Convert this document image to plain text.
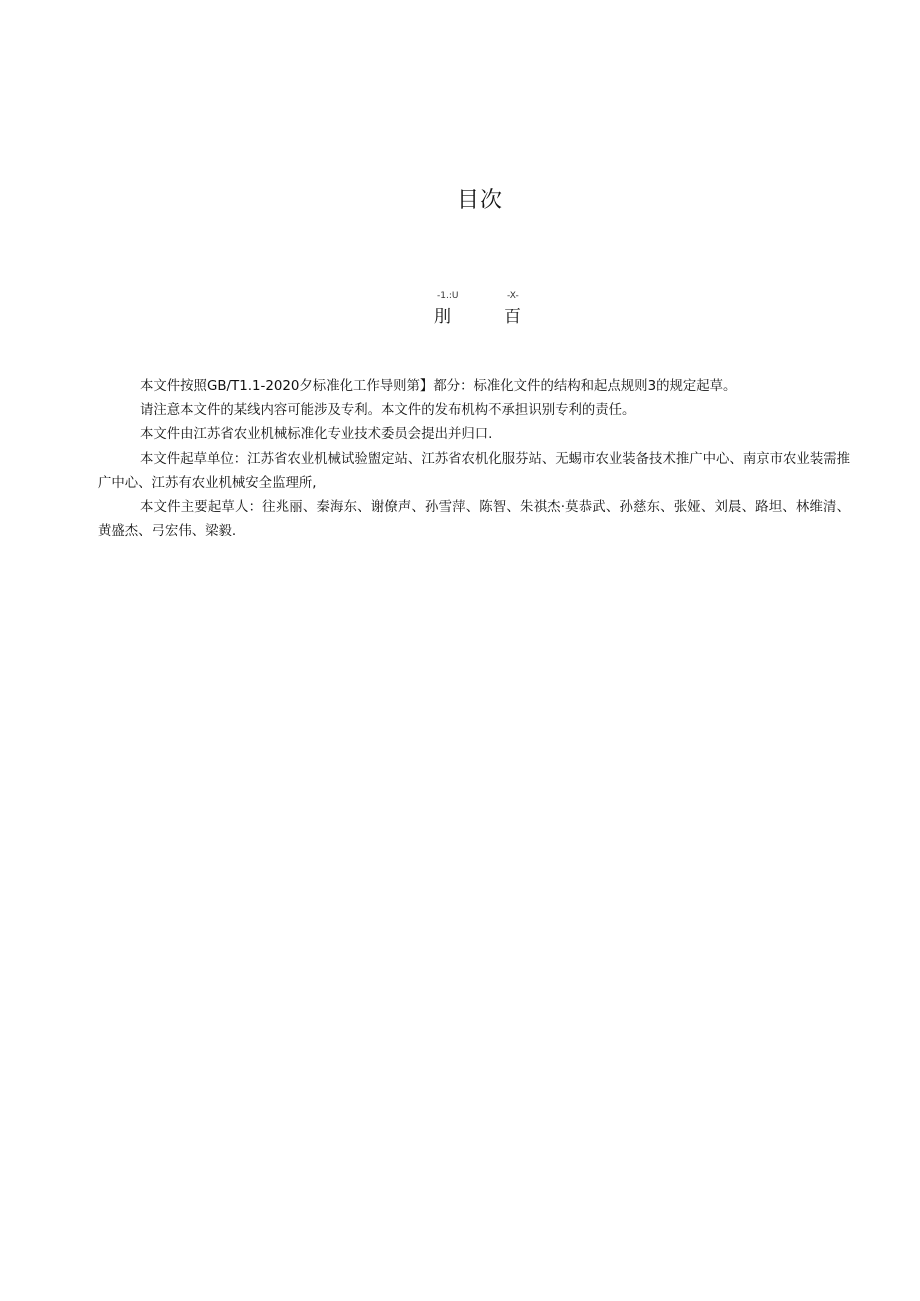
目次
-1.:U
刖
-X-
百

本文件按照GB/T1.1-2020夕标准化工作导则第】都分：标准化文件的结构和起点规则3的规定起草。

请注意本文件的某线内容可能涉及专利。本文件的发布机构不承担识别专利的责任。

本文件由江苏省农业机械标准化专业技术委员会提出并归口.

本文件起草单位：江苏省农业机械试验盥定站、江苏省农机化服芬站、无蜴市农业装备技术推广中心、南京市农业装需推广中心、江苏有农业机械安全监理所,

本文件主要起草人：往兆丽、秦海东、谢僚声、孙雪萍、陈智、朱祺杰·莫恭武、孙慈东、张娅、刘晨、路坦、林维清、黄盛杰、弓宏伟、梁毅.
